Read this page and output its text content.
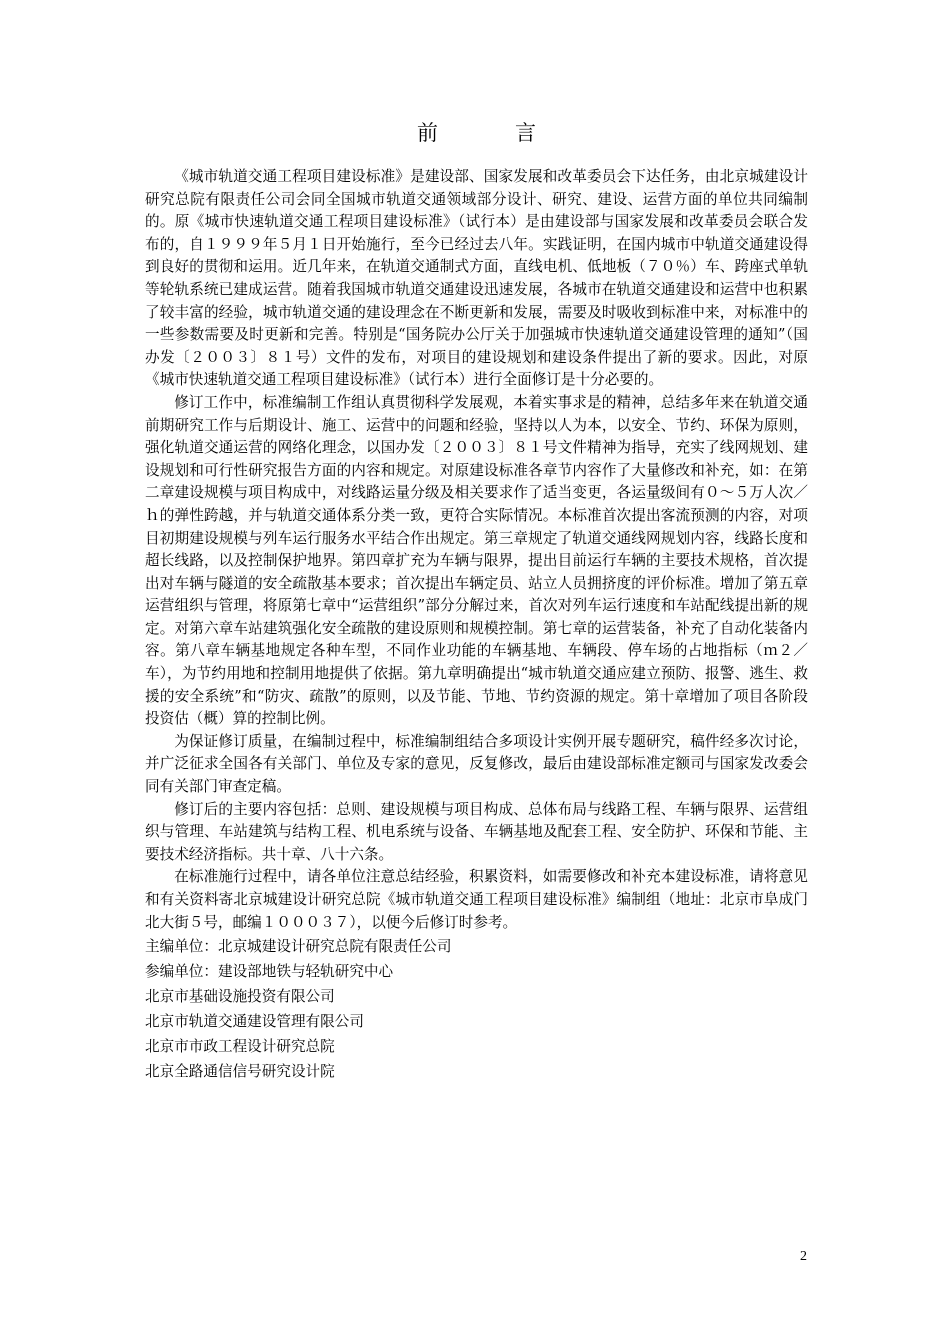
前　言

《城市轨道交通工程项目建设标准》是建设部、国家发展和改革委员会下达任务，由北京城建设计研究总院有限责任公司会同全国城市轨道交通领域部分设计、研究、建设、运营方面的单位共同编制的。原《城市快速轨道交通工程项目建设标准》（试行本）是由建设部与国家发展和改革委员会联合发布的，自１９９９年５月１日开始施行，至今已经过去八年。实践证明，在国内城市中轨道交通建设得到良好的贯彻和运用。近几年来，在轨道交通制式方面，直线电机、低地板（７０％）车、跨座式单轨等轮轨系统已建成运营。随着我国城市轨道交通建设迅速发展，各城市在轨道交通建设和运营中也积累了较丰富的经验，城市轨道交通的建设理念在不断更新和发展，需要及时吸收到标准中来，对标准中的一些参数需要及时更新和完善。特别是“国务院办公厅关于加强城市快速轨道交通建设管理的通知”（国办发〔２００３〕８１号）文件的发布，对项目的建设规划和建设条件提出了新的要求。因此，对原《城市快速轨道交通工程项目建设标准》（试行本）进行全面修订是十分必要的。

修订工作中，标准编制工作组认真贯彻科学发展观，本着实事求是的精神，总结多年来在轨道交通前期研究工作与后期设计、施工、运营中的问题和经验，坚持以人为本，以安全、节约、环保为原则，强化轨道交通运营的网络化理念，以国办发〔２００３〕８１号文件精神为指导，充实了线网规划、建设规划和可行性研究报告方面的内容和规定。对原建设标准各章节内容作了大量修改和补充，如：在第二章建设规模与项目构成中，对线路运量分级及相关要求作了适当变更，各运量级间有０～５万人次／ｈ的弹性跨越，并与轨道交通体系分类一致，更符合实际情况。本标准首次提出客流预测的内容，对项目初期建设规模与列车运行服务水平结合作出规定。第三章规定了轨道交通线网规划内容，线路长度和超长线路，以及控制保护地界。第四章扩充为车辆与限界，提出目前运行车辆的主要技术规格，首次提出对车辆与隧道的安全疏散基本要求；首次提出车辆定员、站立人员拥挤度的评价标准。增加了第五章运营组织与管理，将原第七章中“运营组织”部分分解过来，首次对列车运行速度和车站配线提出新的规定。对第六章车站建筑强化安全疏散的建设原则和规模控制。第七章的运营装备，补充了自动化装备内容。第八章车辆基地规定各种车型，不同作业功能的车辆基地、车辆段、停车场的占地指标（ｍ２／车），为节约用地和控制用地提供了依据。第九章明确提出“城市轨道交通应建立预防、报警、逃生、救援的安全系统”和“防灾、疏散”的原则，以及节能、节地、节约资源的规定。第十章增加了项目各阶段投资估（概）算的控制比例。

为保证修订质量，在编制过程中，标准编制组结合多项设计实例开展专题研究，稿件经多次讨论，并广泛征求全国各有关部门、单位及专家的意见，反复修改，最后由建设部标准定额司与国家发改委会同有关部门审查定稿。

修订后的主要内容包括：总则、建设规模与项目构成、总体布局与线路工程、车辆与限界、运营组织与管理、车站建筑与结构工程、机电系统与设备、车辆基地及配套工程、安全防护、环保和节能、主要技术经济指标。共十章、八十六条。

在标准施行过程中，请各单位注意总结经验，积累资料，如需要修改和补充本建设标准，请将意见和有关资料寄北京城建设计研究总院《城市轨道交通工程项目建设标准》编制组（地址：北京市阜成门北大街５号，邮编１０００３７），以便今后修订时参考。

主编单位：北京城建设计研究总院有限责任公司

参编单位：建设部地铁与轻轨研究中心

北京市基础设施投资有限公司

北京市轨道交通建设管理有限公司

北京市市政工程设计研究总院

北京全路通信信号研究设计院

2
